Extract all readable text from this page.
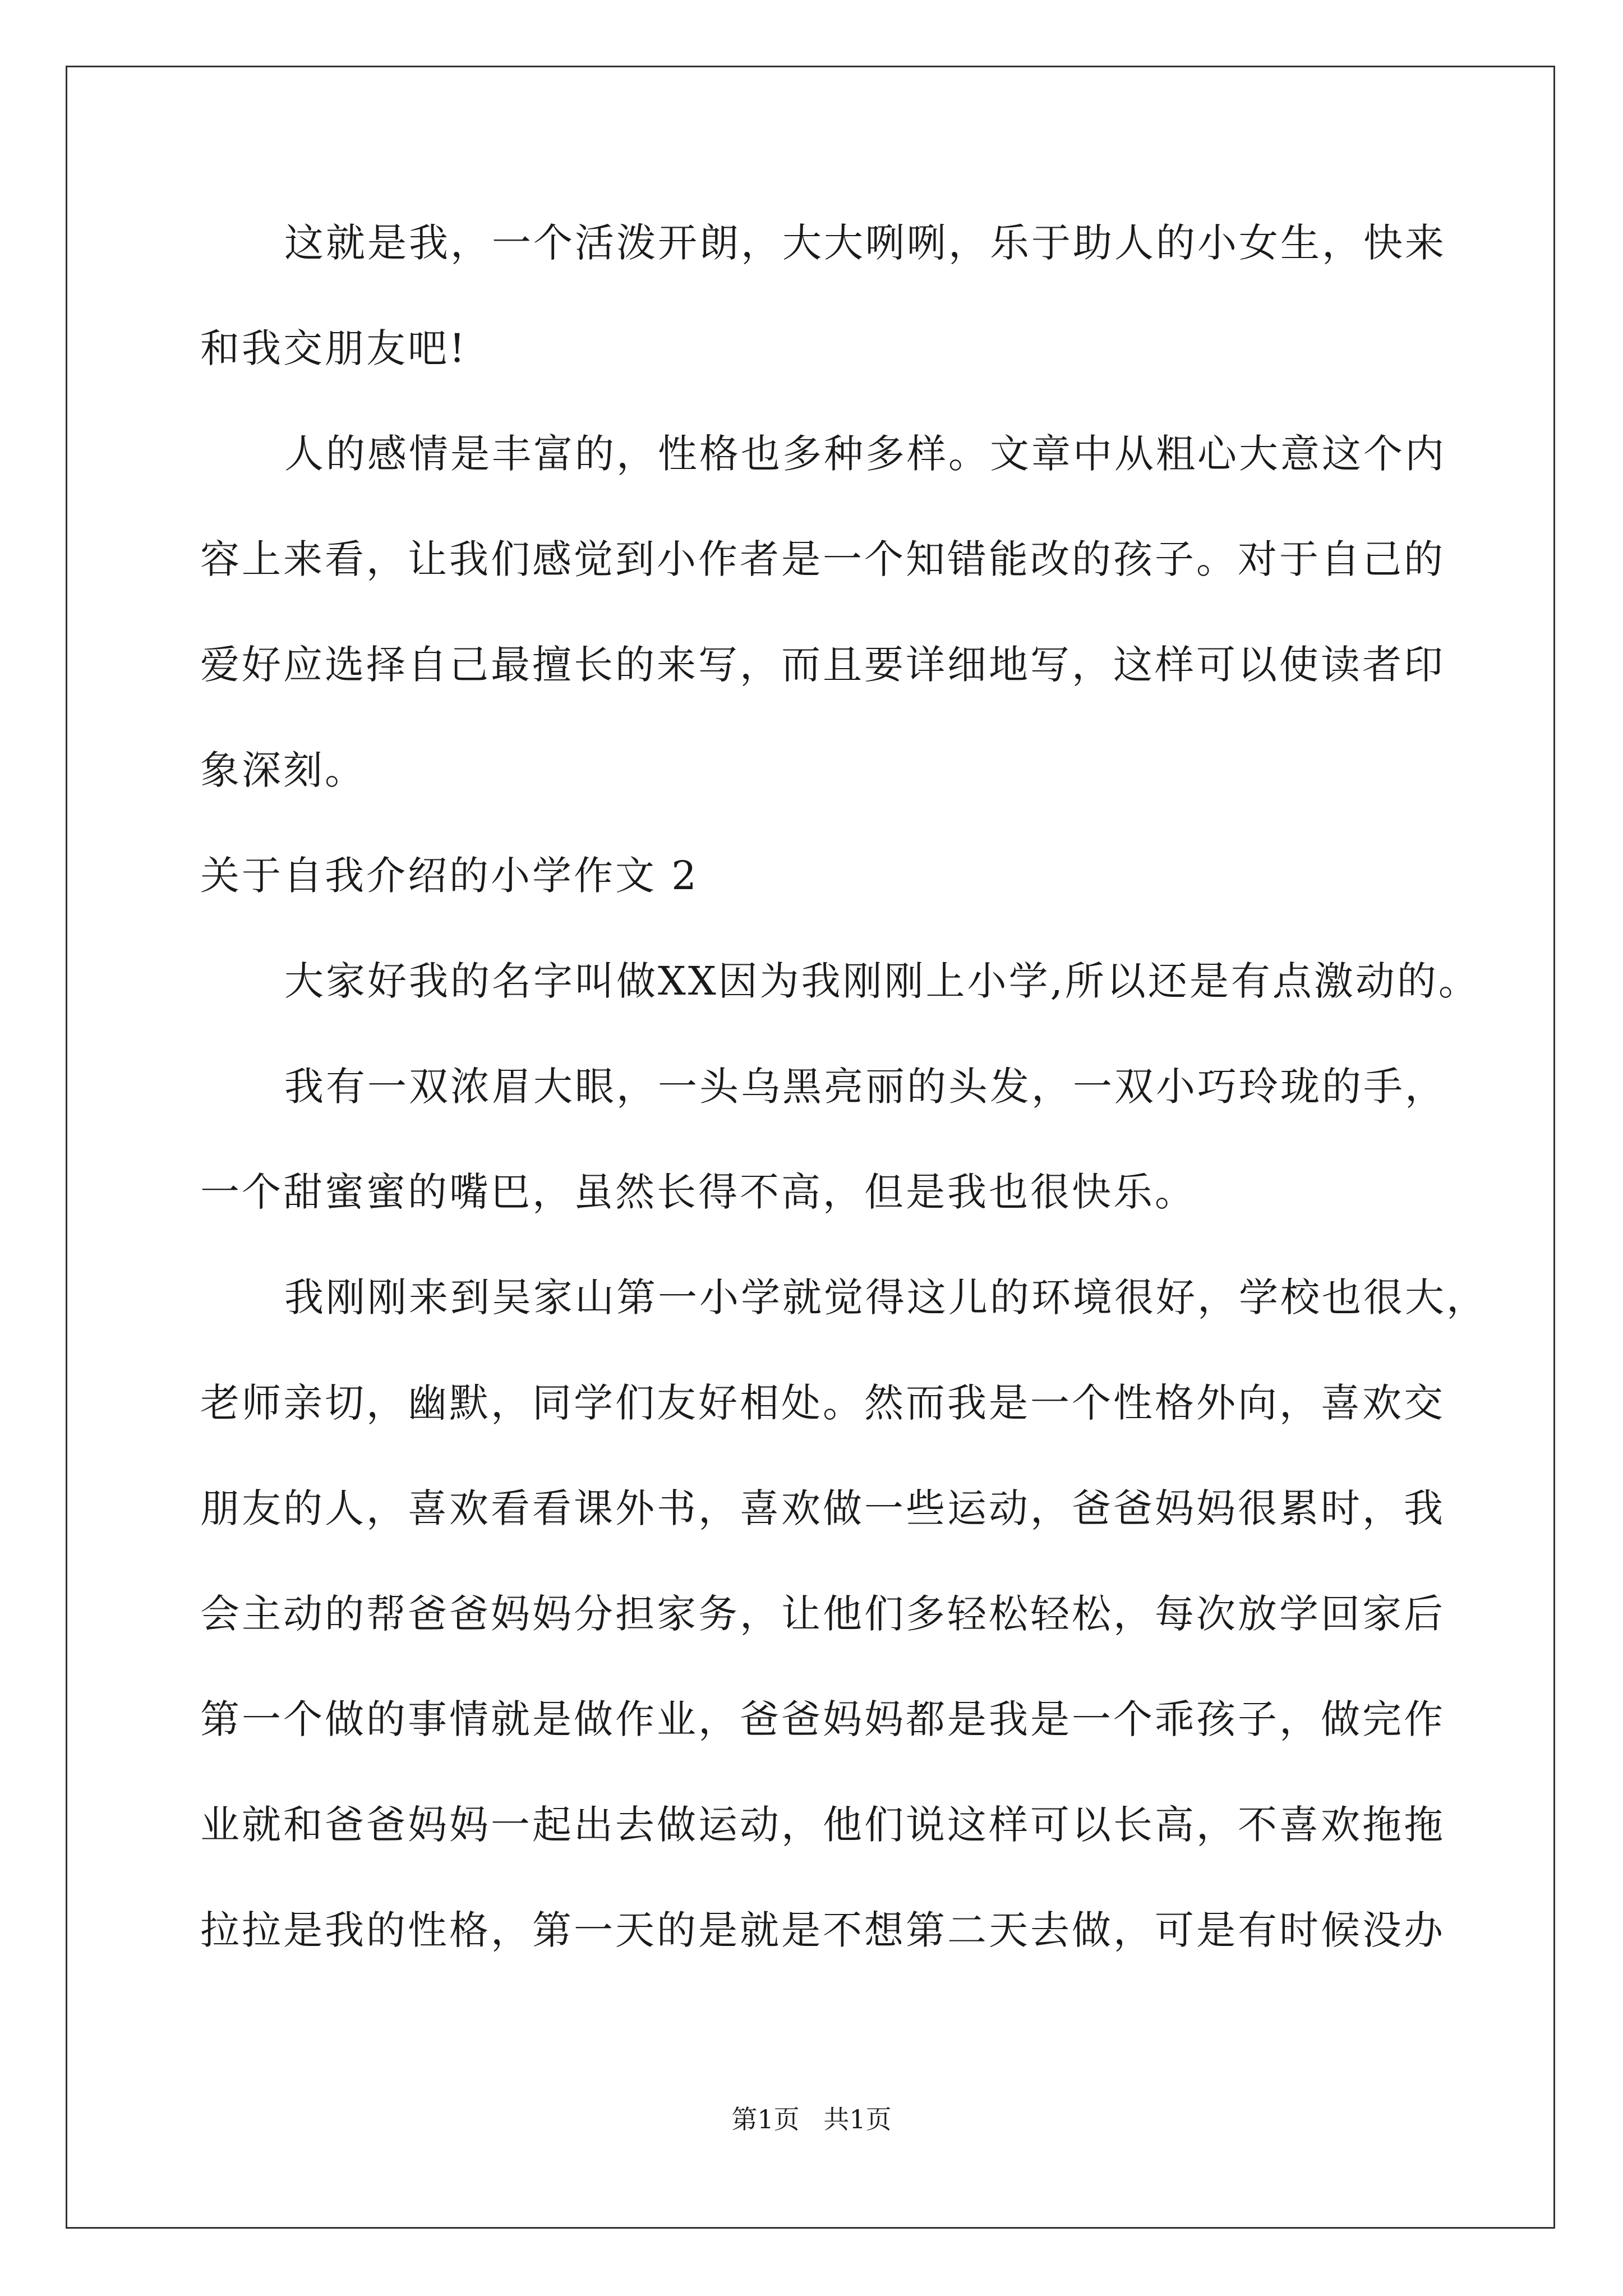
这就是我，一个活泼开朗，大大咧咧，乐于助人的小女生，快来
和我交朋友吧!
人的感情是丰富的，性格也多种多样。文章中从粗心大意这个内
容上来看，让我们感觉到小作者是一个知错能改的孩子。对于自己的
爱好应选择自己最擅长的来写，而且要详细地写，这样可以使读者印
象深刻。
关于自我介绍的小学作文 2
大家好我的名字叫做XX因为我刚刚上小学,所以还是有点激动的。
我有一双浓眉大眼，一头乌黑亮丽的头发，一双小巧玲珑的手，
一个甜蜜蜜的嘴巴，虽然长得不高，但是我也很快乐。
我刚刚来到吴家山第一小学就觉得这儿的环境很好，学校也很大，
老师亲切，幽默，同学们友好相处。然而我是一个性格外向，喜欢交
朋友的人，喜欢看看课外书，喜欢做一些运动，爸爸妈妈很累时，我
会主动的帮爸爸妈妈分担家务，让他们多轻松轻松，每次放学回家后
第一个做的事情就是做作业，爸爸妈妈都是我是一个乖孩子，做完作
业就和爸爸妈妈一起出去做运动，他们说这样可以长高，不喜欢拖拖
拉拉是我的性格，第一天的是就是不想第二天去做，可是有时候没办
第1页 共1页
